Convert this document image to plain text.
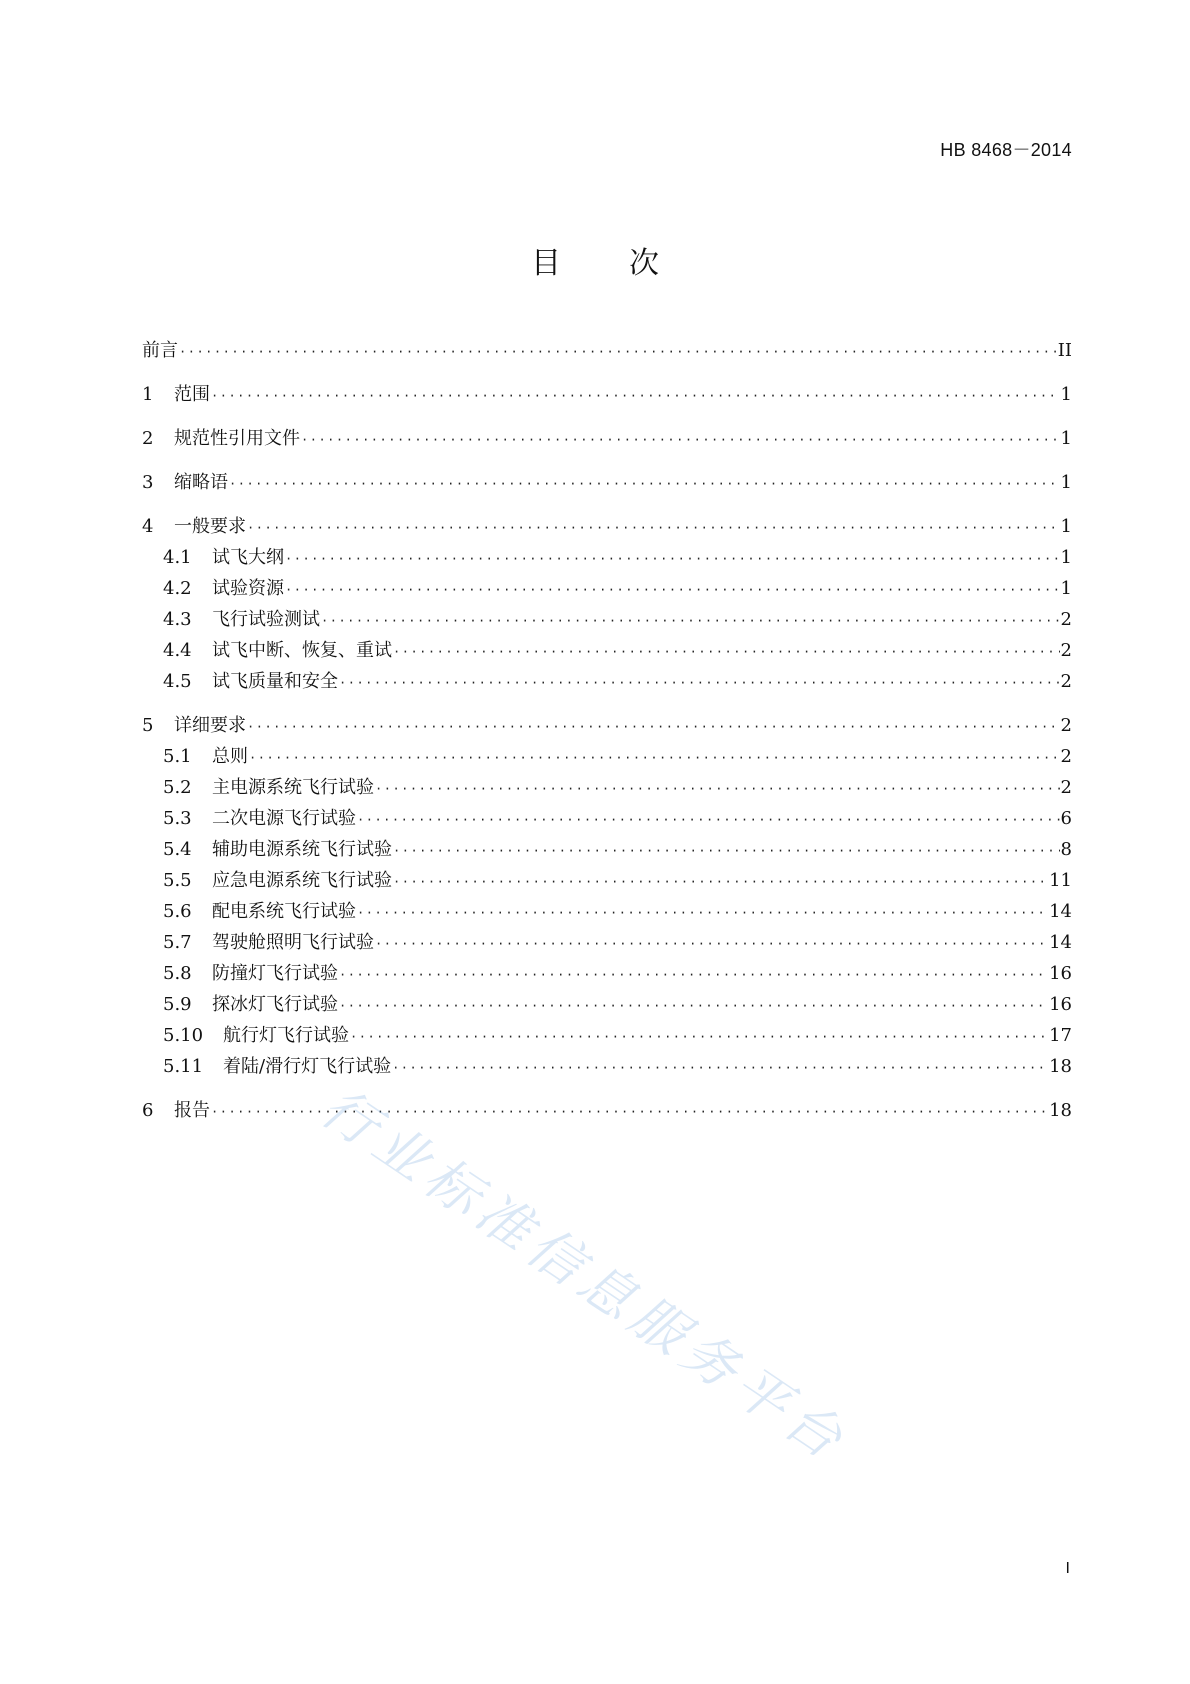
HB 8468－2014
目 次
前言 ·····	II
1	范围 ·····	1
2	规范性引用文件 ·····	1
3	缩略语 ·····	1
4	一般要求 ·····	1
4.1	试飞大纲 ·····	1
4.2	试验资源 ·····	1
4.3	飞行试验测试 ·····	2
4.4	试飞中断、恢复、重试 ·····	2
4.5	试飞质量和安全 ·····	2
5	详细要求 ·····	2
5.1	总则 ·····	2
5.2	主电源系统飞行试验 ·····	2
5.3	二次电源飞行试验 ·····	6
5.4	辅助电源系统飞行试验 ·····	8
5.5	应急电源系统飞行试验 ·····	11
5.6	配电系统飞行试验 ·····	14
5.7	驾驶舱照明飞行试验 ·····	14
5.8	防撞灯飞行试验 ·····	16
5.9	探冰灯飞行试验 ·····	16
5.10	航行灯飞行试验 ·····	17
5.11	着陆/滑行灯飞行试验 ·····	18
6	报告 ·····	18
I
行业标准信息服务平台
